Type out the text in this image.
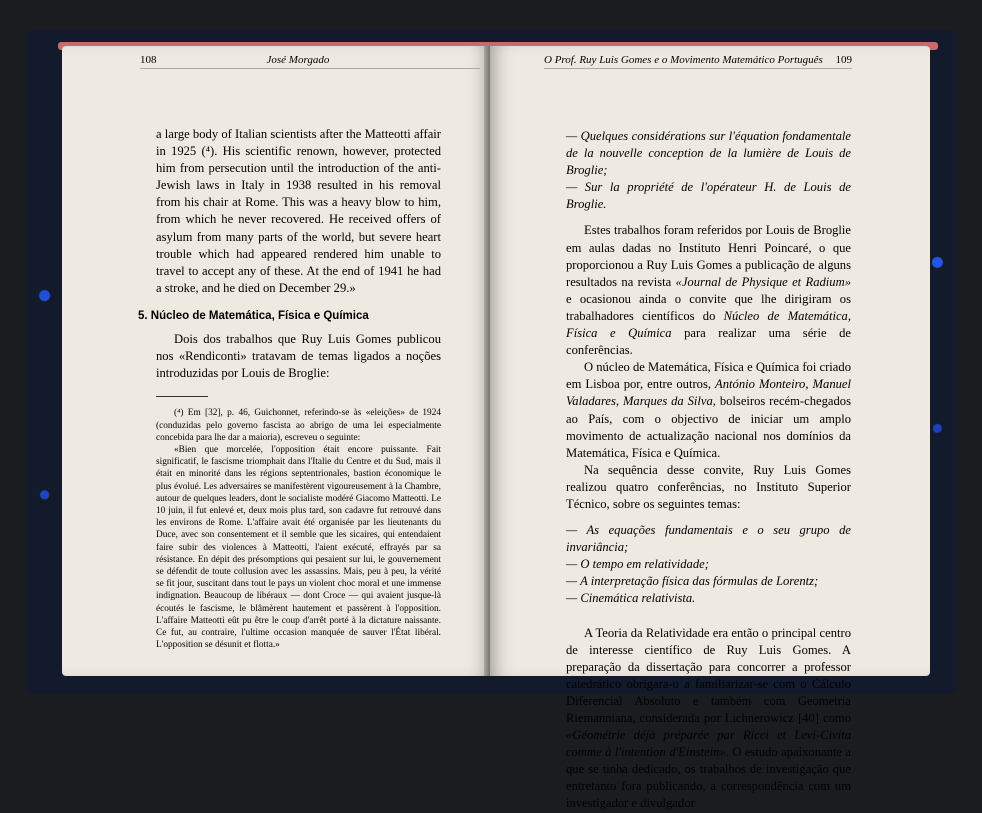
108	José Morgado

a large body of Italian scientists after the Matteotti affair in 1925 (⁴). His scientific renown, however, protected him from persecution until the introduction of the anti-Jewish laws in Italy in 1938 resulted in his removal from his chair at Rome. This was a heavy blow to him, from which he never recovered. He received offers of asylum from many parts of the world, but severe heart trouble which had appeared rendered him unable to travel to accept any of these. At the end of 1941 he had a stroke, and he died on December 29.»

5. Núcleo de Matemática, Física e Química

Dois dos trabalhos que Ruy Luis Gomes publicou nos «Rendiconti» tratavam de temas ligados a noções introduzidas por Louis de Broglie:

(⁴) Em [32], p. 46, Guichonnet, referindo-se às «eleições» de 1924 (conduzidas pelo governo fascista ao abrigo de uma lei especialmente concebida para lhe dar a maioria), escreveu o seguinte:

«Bien que morcelée, l'opposition était encore puissante. Fait significatif, le fascisme triomphait dans l'Italie du Centre et du Sud, mais il était en minorité dans les régions septentrionales, bastion économique le plus évolué. Les adversaires se manifestèrent vigoureusement à la Chambre, autour de quelques leaders, dont le socialiste modéré Giacomo Matteotti. Le 10 juin, il fut enlevé et, deux mois plus tard, son cadavre fut retrouvé dans les environs de Rome. L'affaire avait été organisée par les lieutenants du Duce, avec son consentement et il semble que les sicaires, qui entendaient faire subir des violences à Matteotti, l'aient exécuté, effrayés par sa résistance. En dépit des présomptions qui pesaient sur lui, le gouvernement se défendit de toute collusion avec les assassins. Mais, peu à peu, la vérité se fit jour, suscitant dans tout le pays un violent choc moral et une immense indignation. Beaucoup de libéraux — dont Croce — qui avaient jusque-là écoutés le fascisme, le blâmèrent hautement et passèrent à l'opposition. L'affaire Matteotti eût pu être le coup d'arrêt porté à la dictature naissante. Ce fut, au contraire, l'ultime occasion manquée de sauver l'État libéral. L'opposition se désunit et flotta.»

O Prof. Ruy Luis Gomes e o Movimento Matemático Português 109

— Quelques considérations sur l'équation fondamentale de la nouvelle conception de la lumière de Louis de Broglie;

— Sur la propriété de l'opérateur H. de Louis de Broglie.

Estes trabalhos foram referidos por Louis de Broglie em aulas dadas no Instituto Henri Poincaré, o que proporcionou a Ruy Luis Gomes a publicação de alguns resultados na revista «Journal de Physique et Radium» e ocasionou ainda o convite que lhe dirigiram os trabalhadores científicos do Núcleo de Matemática, Física e Química para realizar uma série de conferências.

O núcleo de Matemática, Física e Química foi criado em Lisboa por, entre outros, António Monteiro, Manuel Valadares, Marques da Silva, bolseiros recém-chegados ao País, com o objectivo de iniciar um amplo movimento de actualização nacional nos domínios da Matemática, Física e Química.

Na sequência desse convite, Ruy Luis Gomes realizou quatro conferências, no Instituto Superior Técnico, sobre os seguintes temas:

— As equações fundamentais e o seu grupo de invariância;

— O tempo em relatividade;

— A interpretação física das fórmulas de Lorentz;

— Cinemática relativista.

A Teoria da Relatividade era então o principal centro de interesse científico de Ruy Luis Gomes. A preparação da dissertação para concorrer a professor catedrático obrigara-o a familiarizar-se com o Cálculo Diferencial Absoluto e também com Geometria Riemanniana, considerada por Lichnerowicz [40] como «Géométrie déjà préparée par Ricci et Levi-Civita comme à l'intention d'Einstein». O estudo apaixonante a que se tinha dedicado, os trabalhos de investigação que entretanto fora publicando, a correspondência com um investigador e divulgador
